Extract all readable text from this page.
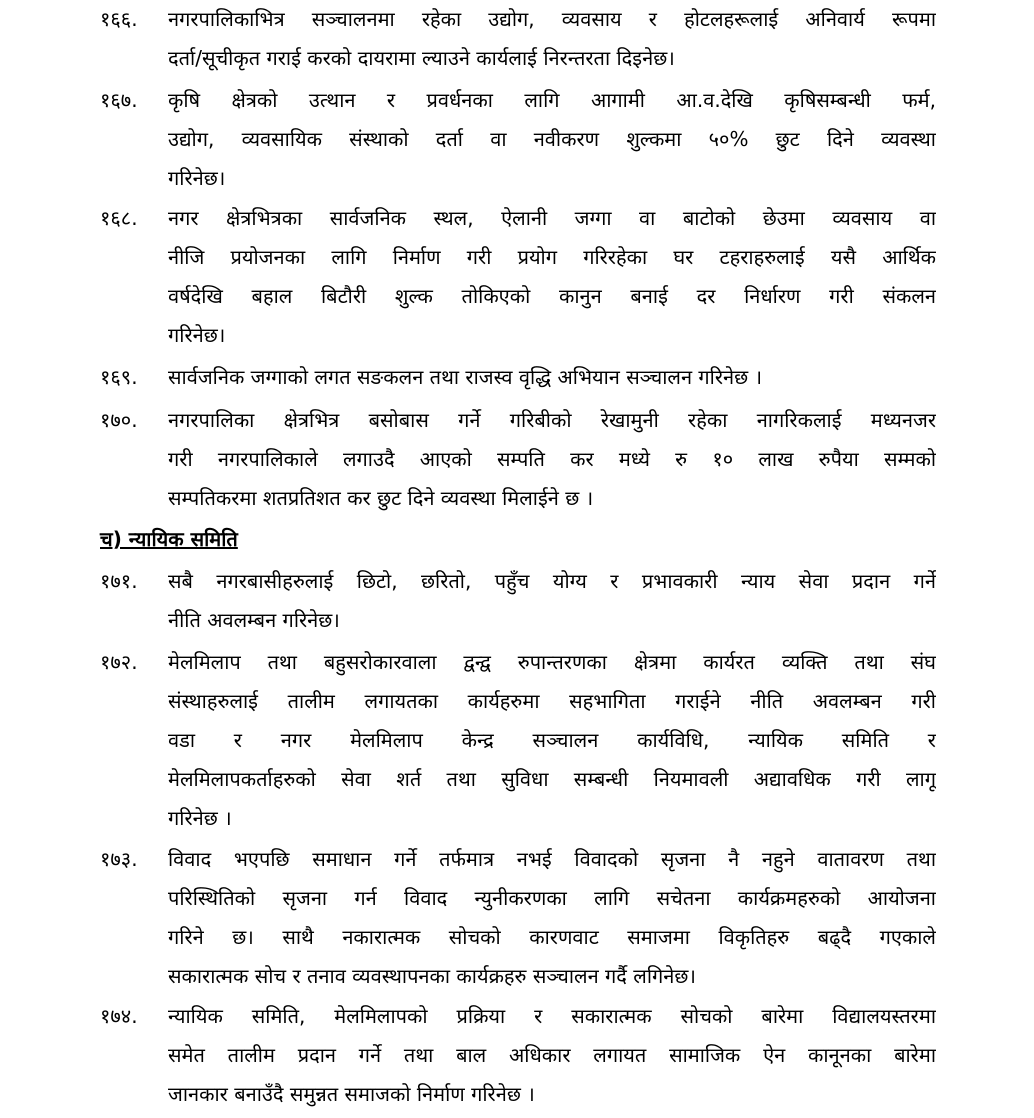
१६६.	नगरपालिकाभित्र सञ्चालनमा रहेका उद्योग, व्यवसाय र होटलहरूलाई अनिवार्य रूपमा
दर्ता/सूचीकृत गराई करको दायरामा ल्याउने कार्यलाई निरन्तरता दिइनेछ।
१६७.	कृषि क्षेत्रको उत्थान र प्रवर्धनका लागि आगामी आ.व.देखि कृषिसम्बन्धी फर्म,
उद्योग, व्यवसायिक संस्थाको दर्ता वा नवीकरण शुल्कमा ५०% छुट दिने व्यवस्था
गरिनेछ।
१६८.	नगर क्षेत्रभित्रका सार्वजनिक स्थल, ऐलानी जग्गा वा बाटोको छेउमा व्यवसाय वा
नीजि प्रयोजनका लागि निर्माण गरी प्रयोग गरिरहेका घर टहराहरुलाई यसै आर्थिक
वर्षदेखि बहाल बिटौरी शुल्क तोकिएको कानुन बनाई दर निर्धारण गरी संकलन
गरिनेछ।
१६९.	सार्वजनिक जग्गाको लगत सङकलन तथा राजस्व वृद्धि अभियान सञ्चालन गरिनेछ ।
१७०.	नगरपालिका क्षेत्रभित्र बसोबास गर्ने गरिबीको रेखामुनी रहेका नागरिकलाई मध्यनजर
गरी नगरपालिकाले लगाउदै आएको सम्पति कर मध्ये रु १० लाख रुपैया सम्मको
सम्पतिकरमा शतप्रतिशत कर छुट दिने व्यवस्था मिलाईने छ ।
च) न्यायिक समिति
१७१.	सबै नगरबासीहरुलाई छिटो, छरितो, पहुँच योग्य र प्रभावकारी न्याय सेवा प्रदान गर्ने
नीति अवलम्बन गरिनेछ।
१७२.	मेलमिलाप तथा बहुसरोकारवाला द्वन्द्व रुपान्तरणका क्षेत्रमा कार्यरत व्यक्ति तथा संघ
संस्थाहरुलाई तालीम लगायतका कार्यहरुमा सहभागिता गराईने नीति अवलम्बन गरी
वडा र नगर मेलमिलाप केन्द्र सञ्चालन कार्यविधि, न्यायिक समिति र
मेलमिलापकर्ताहरुको सेवा शर्त तथा सुविधा सम्बन्धी नियमावली अद्यावधिक गरी लागू
गरिनेछ ।
१७३.	विवाद भएपछि समाधान गर्ने तर्फमात्र नभई विवादको सृजना नै नहुने वातावरण तथा
परिस्थितिको सृजना गर्न विवाद न्युनीकरणका लागि सचेतना कार्यक्रमहरुको आयोजना
गरिने छ। साथै नकारात्मक सोचको कारणवाट समाजमा विकृतिहरु बढ्दै गएकाले
सकारात्मक सोच र तनाव व्यवस्थापनका कार्यक्रहरु सञ्चालन गर्दै लगिनेछ।
१७४.	न्यायिक समिति, मेलमिलापको प्रक्रिया र सकारात्मक सोचको बारेमा विद्यालयस्तरमा
समेत तालीम प्रदान गर्ने तथा बाल अधिकार लगायत सामाजिक ऐन कानूनका बारेमा
जानकार बनाउँदै समुन्नत समाजको निर्माण गरिनेछ ।
